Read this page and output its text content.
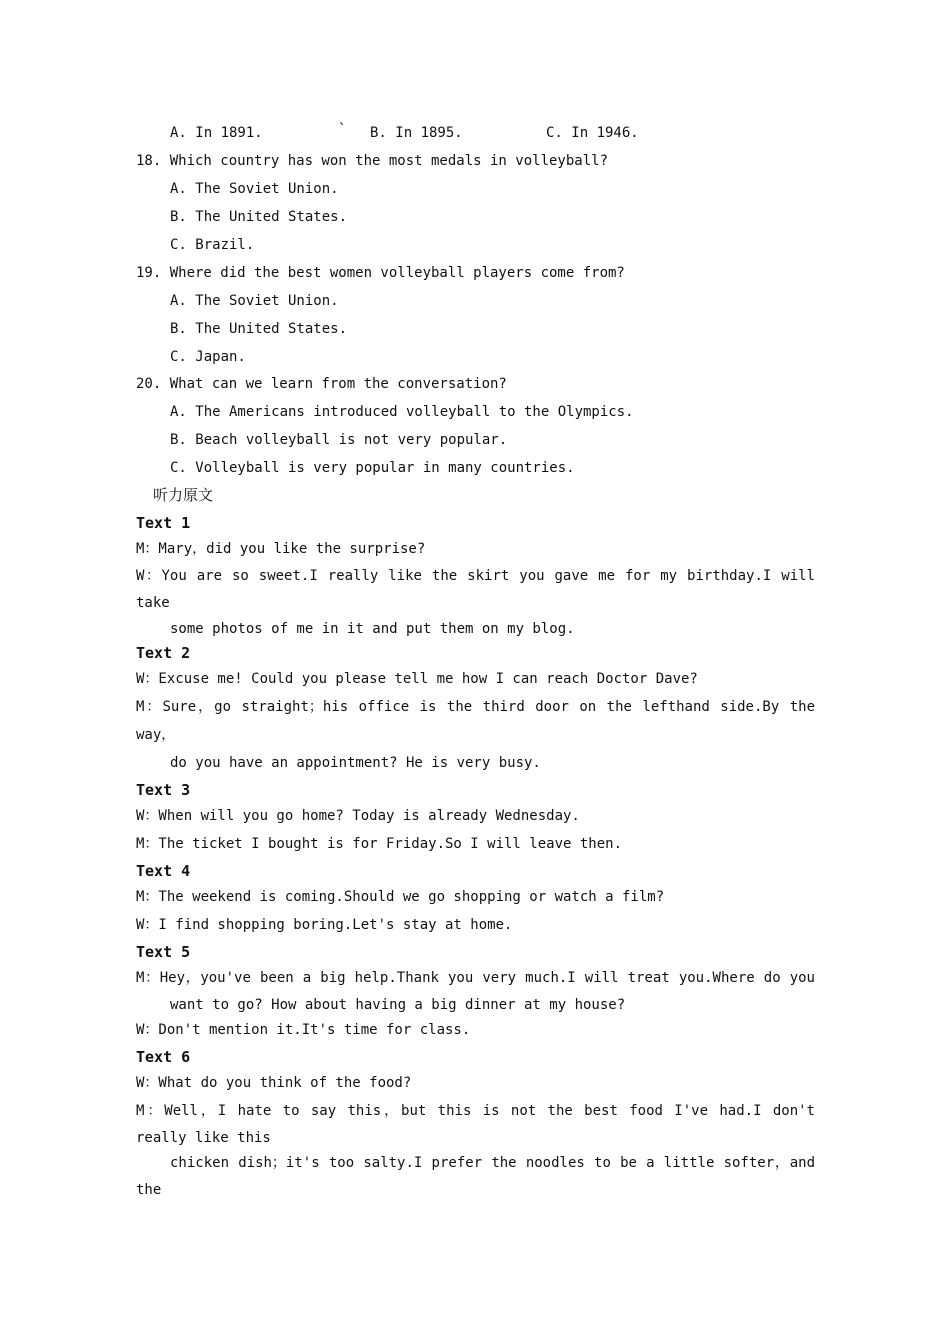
A. In 1891.	` B. In 1895.	C. In 1946.
18. Which country has won the most medals in volleyball?
A. The Soviet Union.
B. The United States.
C. Brazil.
19. Where did the best women volleyball players come from?
A. The Soviet Union.
B. The United States.
C. Japan.
20. What can we learn from the conversation?
A. The Americans introduced volleyball to the Olympics.
B. Beach volleyball is not very popular.
C. Volleyball is very popular in many countries.
听力原文
Text 1
M：Mary，did you like the surprise?
W：You are so sweet.I really like the skirt you gave me for my birthday.I will
take
some photos of me in it and put them on my blog.
Text 2
W：Excuse me! Could you please tell me how I can reach Doctor Dave?
M：Sure，go straight；his office is the third door on the lefthand side.By the
way，
do you have an appointment? He is very busy.
Text 3
W：When will you go home? Today is already Wednesday.
M：The ticket I bought is for Friday.So I will leave then.
Text 4
M：The weekend is coming.Should we go shopping or watch a film?
W：I find shopping boring.Let's stay at home.
Text 5
M：Hey，you've been a big help.Thank you very much.I will treat you.Where do you
want to go? How about having a big dinner at my house?
W：Don't mention it.It's time for class.
Text 6
W：What do you think of the food?
M：Well，I hate to say this，but this is not the best food I've had.I don't
really like this
chicken dish；it's too salty.I prefer the noodles to be a little softer，and
the
